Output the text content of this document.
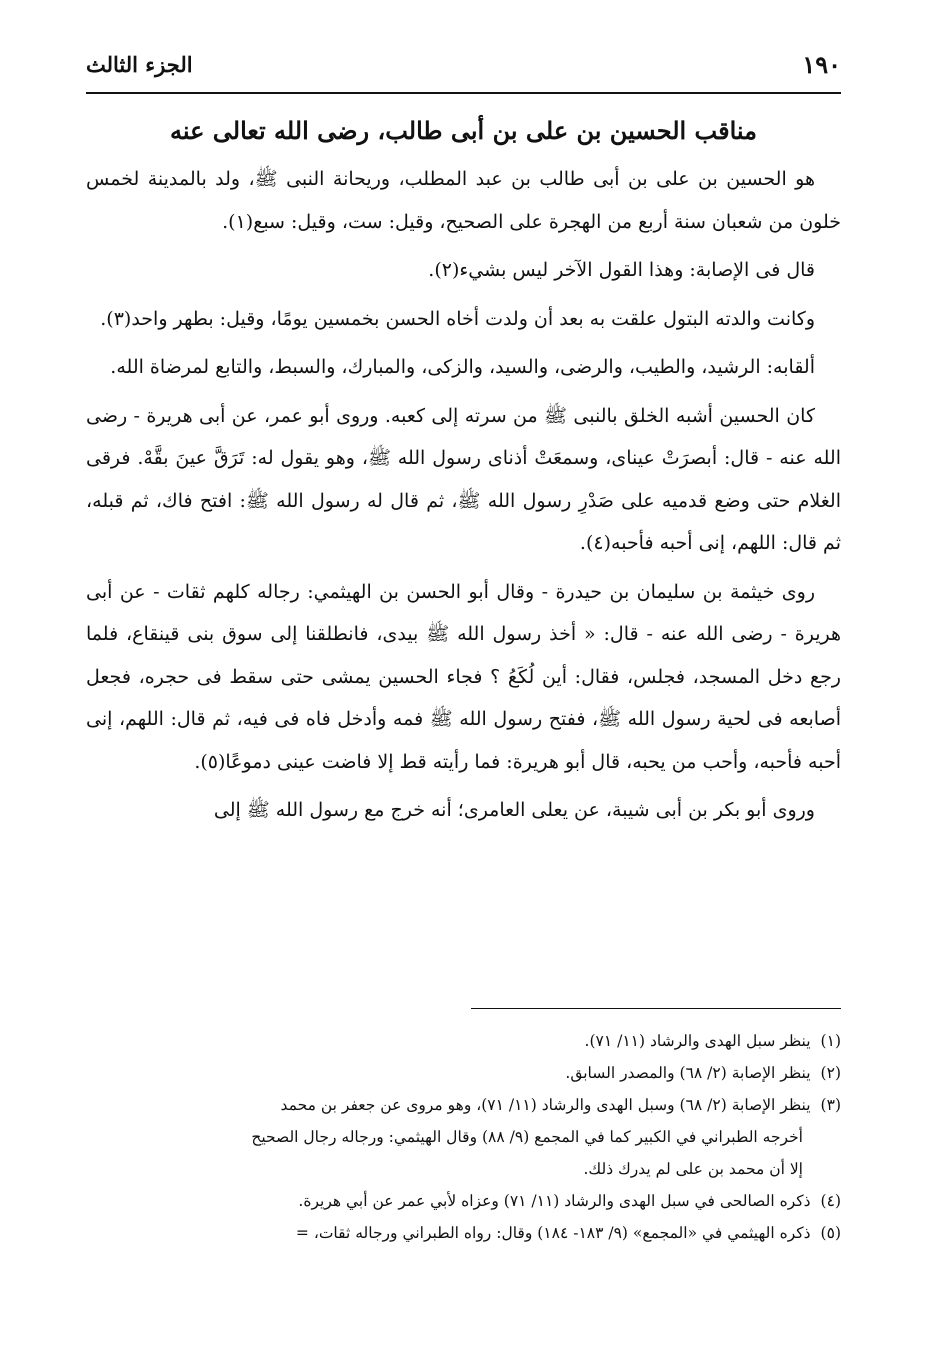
١٩٠
الجزء الثالث
مناقب الحسين بن على بن أبى طالب، رضى الله تعالى عنه

هو الحسين بن على بن أبى طالب بن عبد المطلب، وريحانة النبى ﷺ، ولد بالمدينة لخمس خلون من شعبان سنة أربع من الهجرة على الصحيح، وقيل: ست، وقيل: سبع(١).

قال فى الإصابة: وهذا القول الآخر ليس بشيء(٢).

وكانت والدته البتول علقت به بعد أن ولدت أخاه الحسن بخمسين يومًا، وقيل: بطهر واحد(٣).

ألقابه: الرشيد، والطيب، والرضى، والسيد، والزكى، والمبارك، والسبط، والتابع لمرضاة الله.

كان الحسين أشبه الخلق بالنبى ﷺ من سرته إلى كعبه. وروى أبو عمر، عن أبى هريرة - رضى الله عنه - قال: أبصرَتْ عيناى، وسمعَتْ أذناى رسول الله ﷺ، وهو يقول له: تَرَقَّ عينَ بقَّهْ. فرقى الغلام حتى وضع قدميه على صَدْرِ رسول الله ﷺ، ثم قال له رسول الله ﷺ: افتح فاك، ثم قبله، ثم قال: اللهم، إنى أحبه فأحبه(٤).

روى خيثمة بن سليمان بن حيدرة - وقال أبو الحسن بن الهيثمي: رجاله كلهم ثقات - عن أبى هريرة - رضى الله عنه - قال: « أخذ رسول الله ﷺ بيدى، فانطلقنا إلى سوق بنى قينقاع، فلما رجع دخل المسجد، فجلس، فقال: أين لُكَعُ ؟ فجاء الحسين يمشى حتى سقط فى حجره، فجعل أصابعه فى لحية رسول الله ﷺ، ففتح رسول الله ﷺ فمه وأدخل فاه فى فيه، ثم قال: اللهم، إنى أحبه فأحبه، وأحب من يحبه، قال أبو هريرة: فما رأيته قط إلا فاضت عينى دموعًا(٥).

وروى أبو بكر بن أبى شيبة، عن يعلى العامرى؛ أنه خرج مع رسول الله ﷺ إلى

(١)
ينظر سبل الهدى والرشاد (١١/ ٧١).
(٢)
ينظر الإصابة (٢/ ٦٨) والمصدر السابق.
(٣)
ينظر الإصابة (٢/ ٦٨) وسبل الهدى والرشاد (١١/ ٧١)، وهو مروى عن جعفر بن محمد
أخرجه الطبراني في الكبير كما في المجمع (٩/ ٨٨) وقال الهيثمي: ورجاله رجال الصحيح
إلا أن محمد بن على لم يدرك ذلك.
(٤)
ذكره الصالحى في سبل الهدى والرشاد (١١/ ٧١) وعزاه لأبي عمر عن أبي هريرة.
(٥)
ذكره الهيثمي في «المجمع» (٩/ ١٨٣- ١٨٤) وقال: رواه الطبراني ورجاله ثقات، =
